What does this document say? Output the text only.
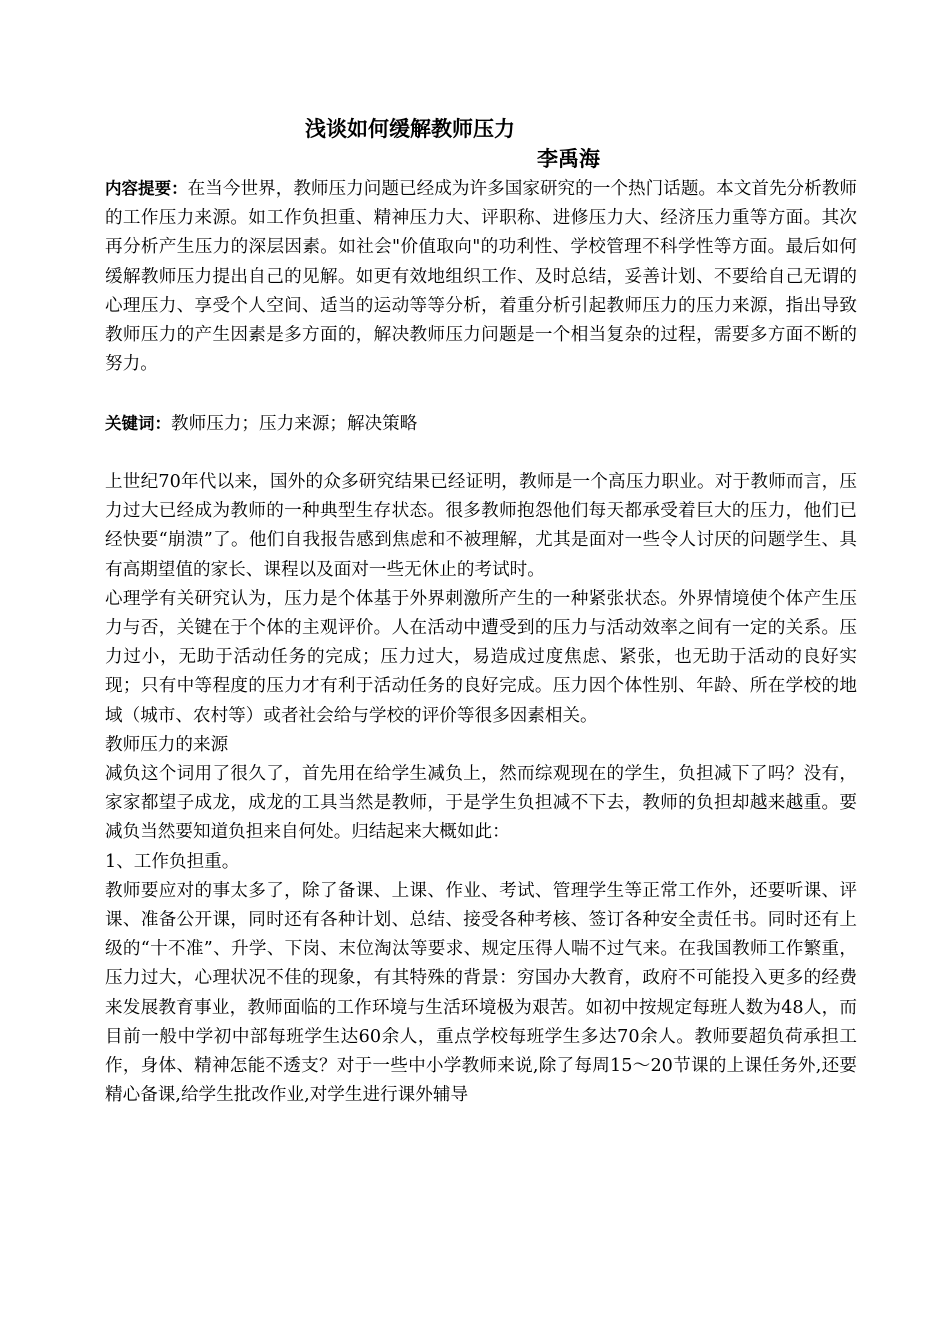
浅谈如何缓解教师压力

李禹海

内容提要：在当今世界，教师压力问题已经成为许多国家研究的一个热门话题。本文首先分析教师的工作压力来源。如工作负担重、精神压力大、评职称、进修压力大、经济压力重等方面。其次再分析产生压力的深层因素。如社会"价值取向"的功利性、学校管理不科学性等方面。最后如何缓解教师压力提出自己的见解。如更有效地组织工作、及时总结，妥善计划、不要给自己无谓的心理压力、享受个人空间、适当的运动等等分析，着重分析引起教师压力的压力来源，指出导致教师压力的产生因素是多方面的，解决教师压力问题是一个相当复杂的过程，需要多方面不断的努力。

关键词：教师压力；压力来源；解决策略

上世纪70年代以来，国外的众多研究结果已经证明，教师是一个高压力职业。对于教师而言，压力过大已经成为教师的一种典型生存状态。很多教师抱怨他们每天都承受着巨大的压力，他们已经快要“崩溃”了。他们自我报告感到焦虑和不被理解，尤其是面对一些令人讨厌的问题学生、具有高期望值的家长、课程以及面对一些无休止的考试时。

心理学有关研究认为，压力是个体基于外界刺激所产生的一种紧张状态。外界情境使个体产生压力与否，关键在于个体的主观评价。人在活动中遭受到的压力与活动效率之间有一定的关系。压力过小，无助于活动任务的完成；压力过大，易造成过度焦虑、紧张，也无助于活动的良好实现；只有中等程度的压力才有利于活动任务的良好完成。压力因个体性别、年龄、所在学校的地域（城市、农村等）或者社会给与学校的评价等很多因素相关。

教师压力的来源

减负这个词用了很久了，首先用在给学生减负上，然而综观现在的学生，负担减下了吗？没有，家家都望子成龙，成龙的工具当然是教师，于是学生负担减不下去，教师的负担却越来越重。要减负当然要知道负担来自何处。归结起来大概如此：

1、工作负担重。

教师要应对的事太多了，除了备课、上课、作业、考试、管理学生等正常工作外，还要听课、评课、准备公开课，同时还有各种计划、总结、接受各种考核、签订各种安全责任书。同时还有上级的“十不准”、升学、下岗、末位淘汰等要求、规定压得人喘不过气来。在我国教师工作繁重，压力过大，心理状况不佳的现象，有其特殊的背景：穷国办大教育，政府不可能投入更多的经费来发展教育事业，教师面临的工作环境与生活环境极为艰苦。如初中按规定每班人数为48人，而目前一般中学初中部每班学生达60余人，重点学校每班学生多达70余人。教师要超负荷承担工作，身体、精神怎能不透支？对于一些中小学教师来说,除了每周15～20节课的上课任务外,还要精心备课,给学生批改作业,对学生进行课外辅导
